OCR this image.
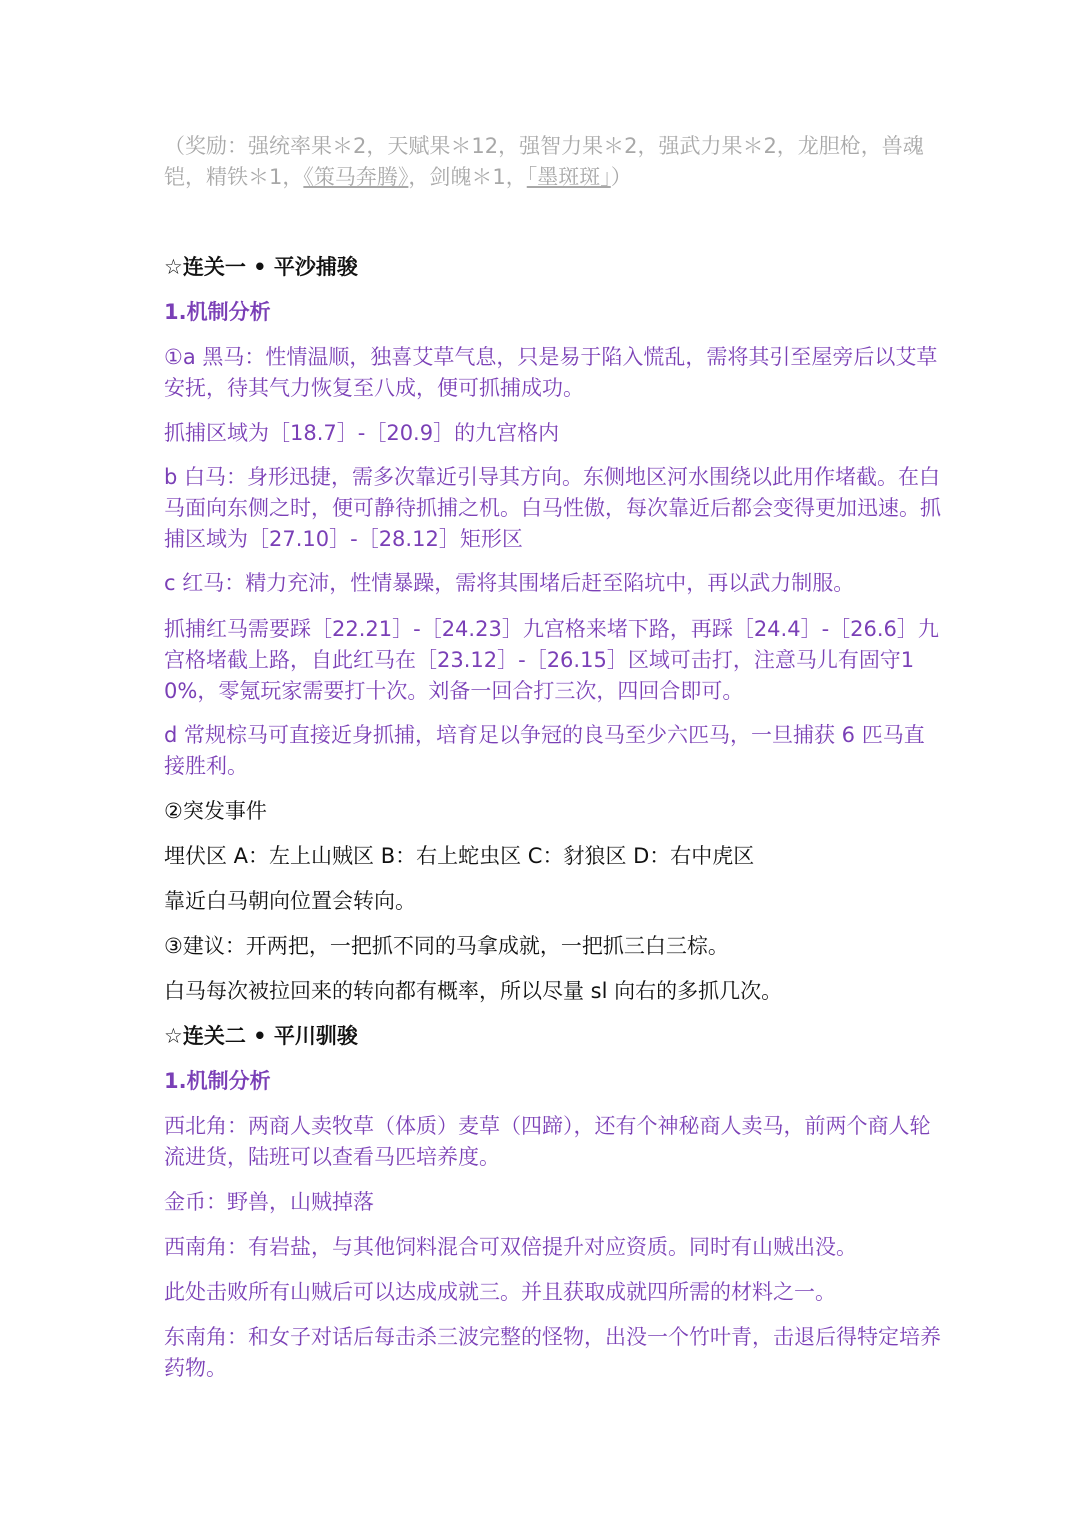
（奖励：强统率果＊2，天赋果＊12，强智力果＊2，强武力果＊2，龙胆枪，兽魂铠，精铁＊1，《策马奔腾》，剑魄＊1，「墨斑斑」）

☆连关一 • 平沙捕骏

1.机制分析

①a 黑马：性情温顺，独喜艾草气息，只是易于陷入慌乱，需将其引至屋旁后以艾草安抚，待其气力恢复至八成，便可抓捕成功。

抓捕区域为［18.7］-［20.9］的九宫格内

b 白马：身形迅捷，需多次靠近引导其方向。东侧地区河水围绕以此用作堵截。在白马面向东侧之时，便可静待抓捕之机。白马性傲，每次靠近后都会变得更加迅速。抓捕区域为［27.10］-［28.12］矩形区

c 红马：精力充沛，性情暴躁，需将其围堵后赶至陷坑中，再以武力制服。

抓捕红马需要踩［22.21］-［24.23］九宫格来堵下路，再踩［24.4］-［26.6］九宫格堵截上路，自此红马在［23.12］-［26.15］区域可击打，注意马儿有固守10%，零氪玩家需要打十次。刘备一回合打三次，四回合即可。

d 常规棕马可直接近身抓捕，培育足以争冠的良马至少六匹马，一旦捕获 6 匹马直接胜利。

②突发事件

埋伏区 A：左上山贼区 B：右上蛇虫区 C：豺狼区 D：右中虎区

靠近白马朝向位置会转向。

③建议：开两把，一把抓不同的马拿成就，一把抓三白三棕。

白马每次被拉回来的转向都有概率，所以尽量 sl 向右的多抓几次。

☆连关二 • 平川驯骏

1.机制分析

西北角：两商人卖牧草（体质）麦草（四蹄），还有个神秘商人卖马，前两个商人轮流进货，陆班可以查看马匹培养度。

金币：野兽，山贼掉落

西南角：有岩盐，与其他饲料混合可双倍提升对应资质。同时有山贼出没。

此处击败所有山贼后可以达成成就三。并且获取成就四所需的材料之一。

东南角：和女子对话后每击杀三波完整的怪物，出没一个竹叶青，击退后得特定培养药物。
